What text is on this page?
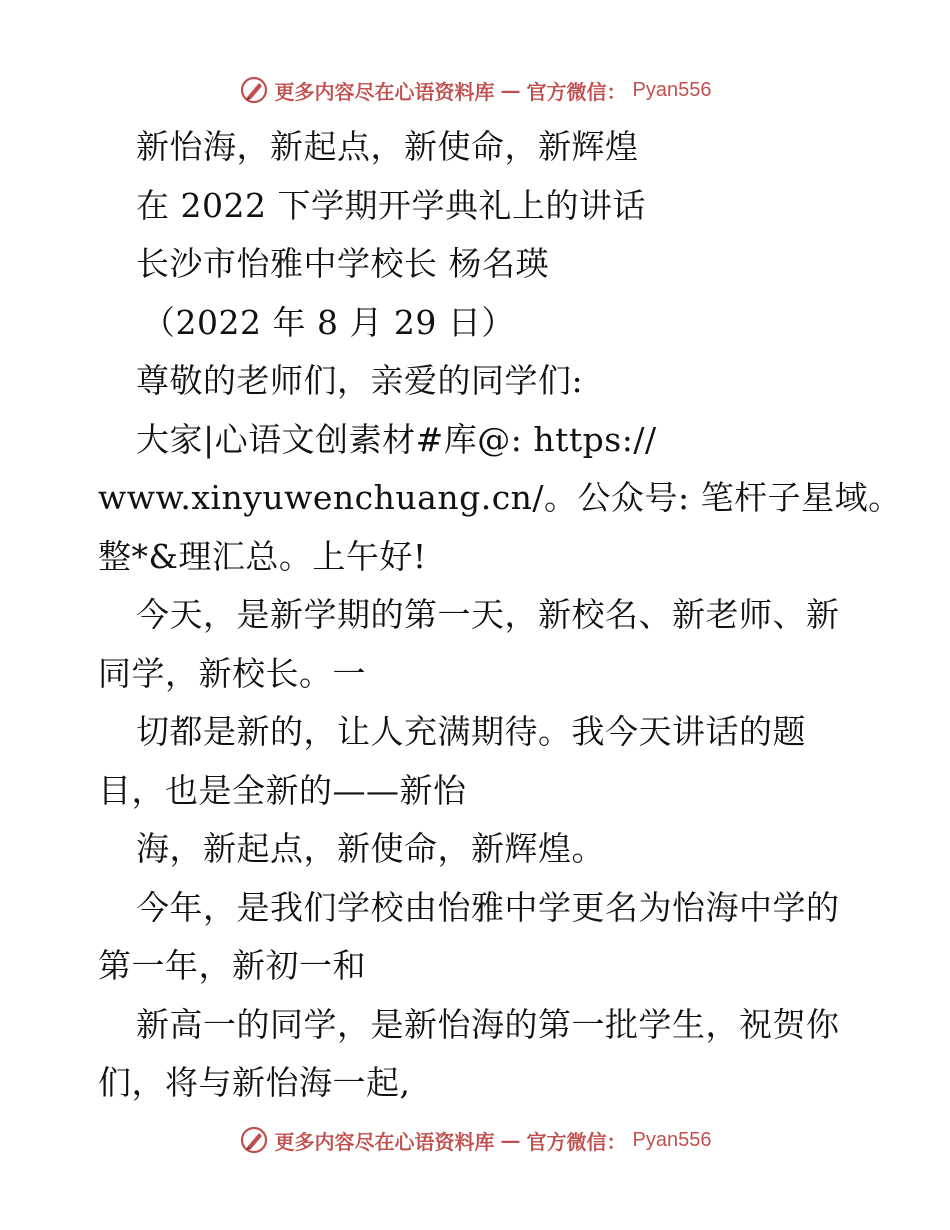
更多内容尽在心语资料库 — 官方微信： Pyan556
新怡海，新起点，新使命，新辉煌
在 2022 下学期开学典礼上的讲话
长沙市怡雅中学校长 杨名瑛
（2022 年 8 月 29 日）
尊敬的老师们，亲爱的同学们:
大家|心语文创素材#库@: https://
www.xinyuwenchuang.cn/。公众号: 笔杆子星域。
整*&理汇总。上午好!
今天，是新学期的第一天，新校名、新老师、新
同学，新校长。一
切都是新的，让人充满期待。我今天讲话的题
目，也是全新的——新怡
海，新起点，新使命，新辉煌。
今年，是我们学校由怡雅中学更名为怡海中学的
第一年，新初一和
新高一的同学，是新怡海的第一批学生，祝贺你
们，将与新怡海一起,
更多内容尽在心语资料库 — 官方微信： Pyan556
